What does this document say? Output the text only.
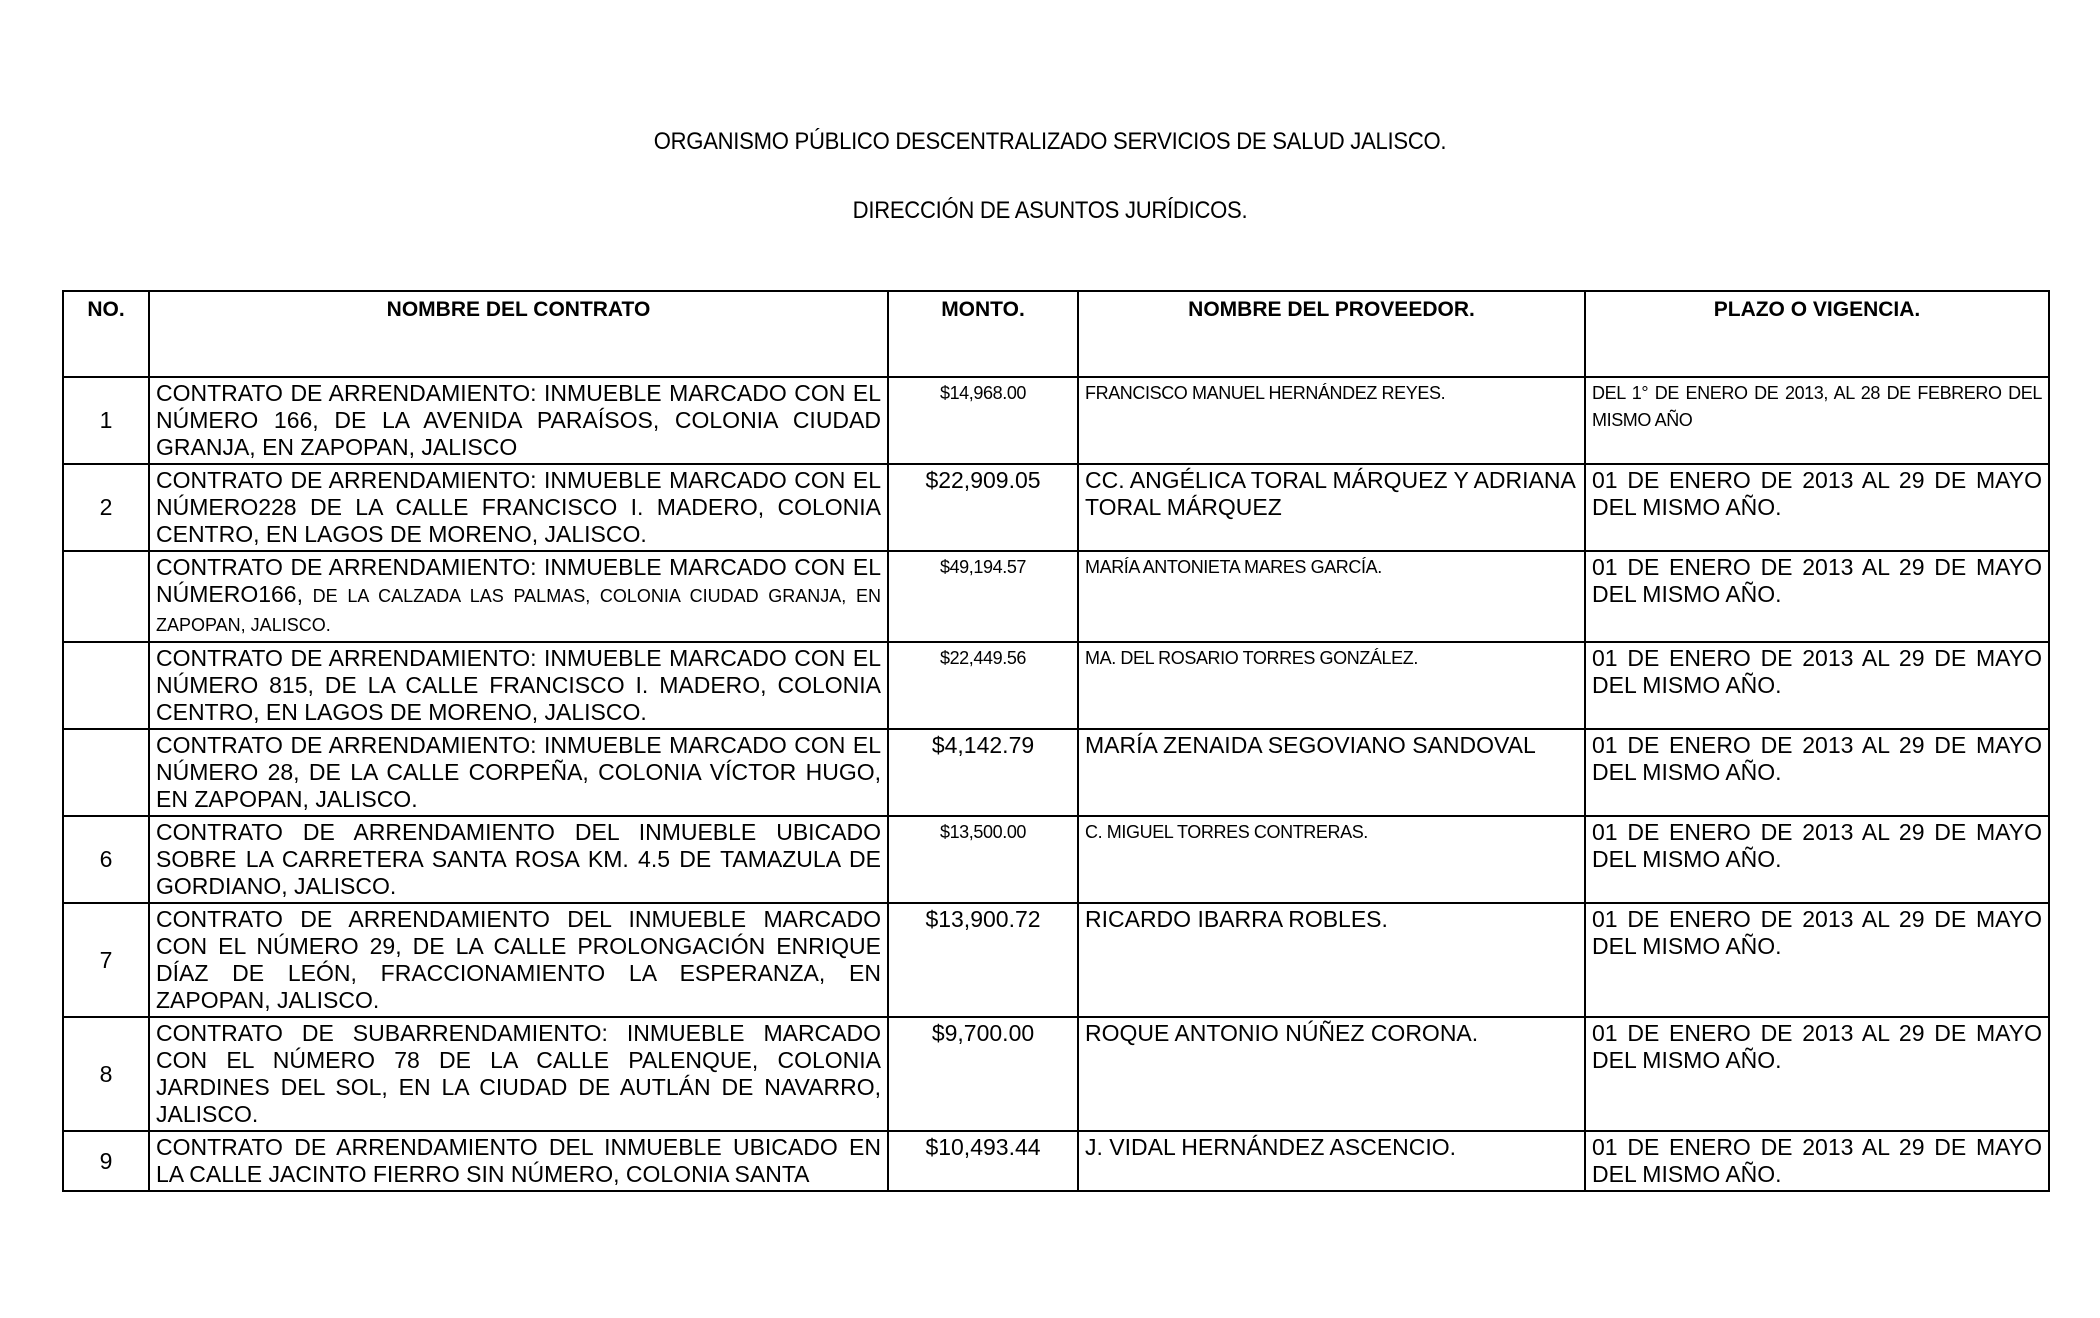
ORGANISMO PÚBLICO DESCENTRALIZADO SERVICIOS DE SALUD JALISCO.
DIRECCIÓN DE ASUNTOS JURÍDICOS.
NO.	NOMBRE DEL CONTRATO	MONTO.	NOMBRE DEL PROVEEDOR.	PLAZO O VIGENCIA.
1	CONTRATO DE ARRENDAMIENTO: INMUEBLE MARCADO CON EL NÚMERO 166, DE LA AVENIDA PARAÍSOS, COLONIA CIUDAD GRANJA, EN ZAPOPAN, JALISCO	$14,968.00	FRANCISCO MANUEL HERNÁNDEZ REYES.	DEL 1° DE ENERO DE 2013, AL 28 DE FEBRERO DEL MISMO AÑO
2	CONTRATO DE ARRENDAMIENTO: INMUEBLE MARCADO CON EL NÚMERO228 DE LA CALLE FRANCISCO I. MADERO, COLONIA CENTRO, EN LAGOS DE MORENO, JALISCO.	$22,909.05	CC. ANGÉLICA TORAL MÁRQUEZ Y ADRIANA TORAL MÁRQUEZ	01 DE ENERO DE 2013 AL 29 DE MAYO DEL MISMO AÑO.
	CONTRATO DE ARRENDAMIENTO: INMUEBLE MARCADO CON EL NÚMERO166, DE LA CALZADA LAS PALMAS, COLONIA CIUDAD GRANJA, EN ZAPOPAN, JALISCO.	$49,194.57	MARÍA ANTONIETA MARES GARCÍA.	01 DE ENERO DE 2013 AL 29 DE MAYO DEL MISMO AÑO.
	CONTRATO DE ARRENDAMIENTO: INMUEBLE MARCADO CON EL NÚMERO 815, DE LA CALLE FRANCISCO I. MADERO, COLONIA CENTRO, EN LAGOS DE MORENO, JALISCO.	$22,449.56	MA. DEL ROSARIO TORRES GONZÁLEZ.	01 DE ENERO DE 2013 AL 29 DE MAYO DEL MISMO AÑO.
	CONTRATO DE ARRENDAMIENTO: INMUEBLE MARCADO CON EL NÚMERO 28, DE LA CALLE CORPEÑA, COLONIA VÍCTOR HUGO, EN ZAPOPAN, JALISCO.	$4,142.79	MARÍA ZENAIDA SEGOVIANO SANDOVAL	01 DE ENERO DE 2013 AL 29 DE MAYO DEL MISMO AÑO.
6	CONTRATO DE ARRENDAMIENTO DEL INMUEBLE UBICADO SOBRE LA CARRETERA SANTA ROSA KM. 4.5 DE TAMAZULA DE GORDIANO, JALISCO.	$13,500.00	C. MIGUEL TORRES CONTRERAS.	01 DE ENERO DE 2013 AL 29 DE MAYO DEL MISMO AÑO.
7	CONTRATO DE ARRENDAMIENTO DEL INMUEBLE MARCADO CON EL NÚMERO 29, DE LA CALLE PROLONGACIÓN ENRIQUE DÍAZ DE LEÓN, FRACCIONAMIENTO LA ESPERANZA, EN ZAPOPAN, JALISCO.	$13,900.72	RICARDO IBARRA ROBLES.	01 DE ENERO DE 2013 AL 29 DE MAYO DEL MISMO AÑO.
8	CONTRATO DE SUBARRENDAMIENTO: INMUEBLE MARCADO CON EL NÚMERO 78 DE LA CALLE PALENQUE, COLONIA JARDINES DEL SOL, EN LA CIUDAD DE AUTLÁN DE NAVARRO, JALISCO.	$9,700.00	ROQUE ANTONIO NÚÑEZ CORONA.	01 DE ENERO DE 2013 AL 29 DE MAYO DEL MISMO AÑO.
9	CONTRATO DE ARRENDAMIENTO DEL INMUEBLE UBICADO EN LA CALLE JACINTO FIERRO SIN NÚMERO, COLONIA SANTA	$10,493.44	J. VIDAL HERNÁNDEZ ASCENCIO.	01 DE ENERO DE 2013 AL 29 DE MAYO DEL MISMO AÑO.
